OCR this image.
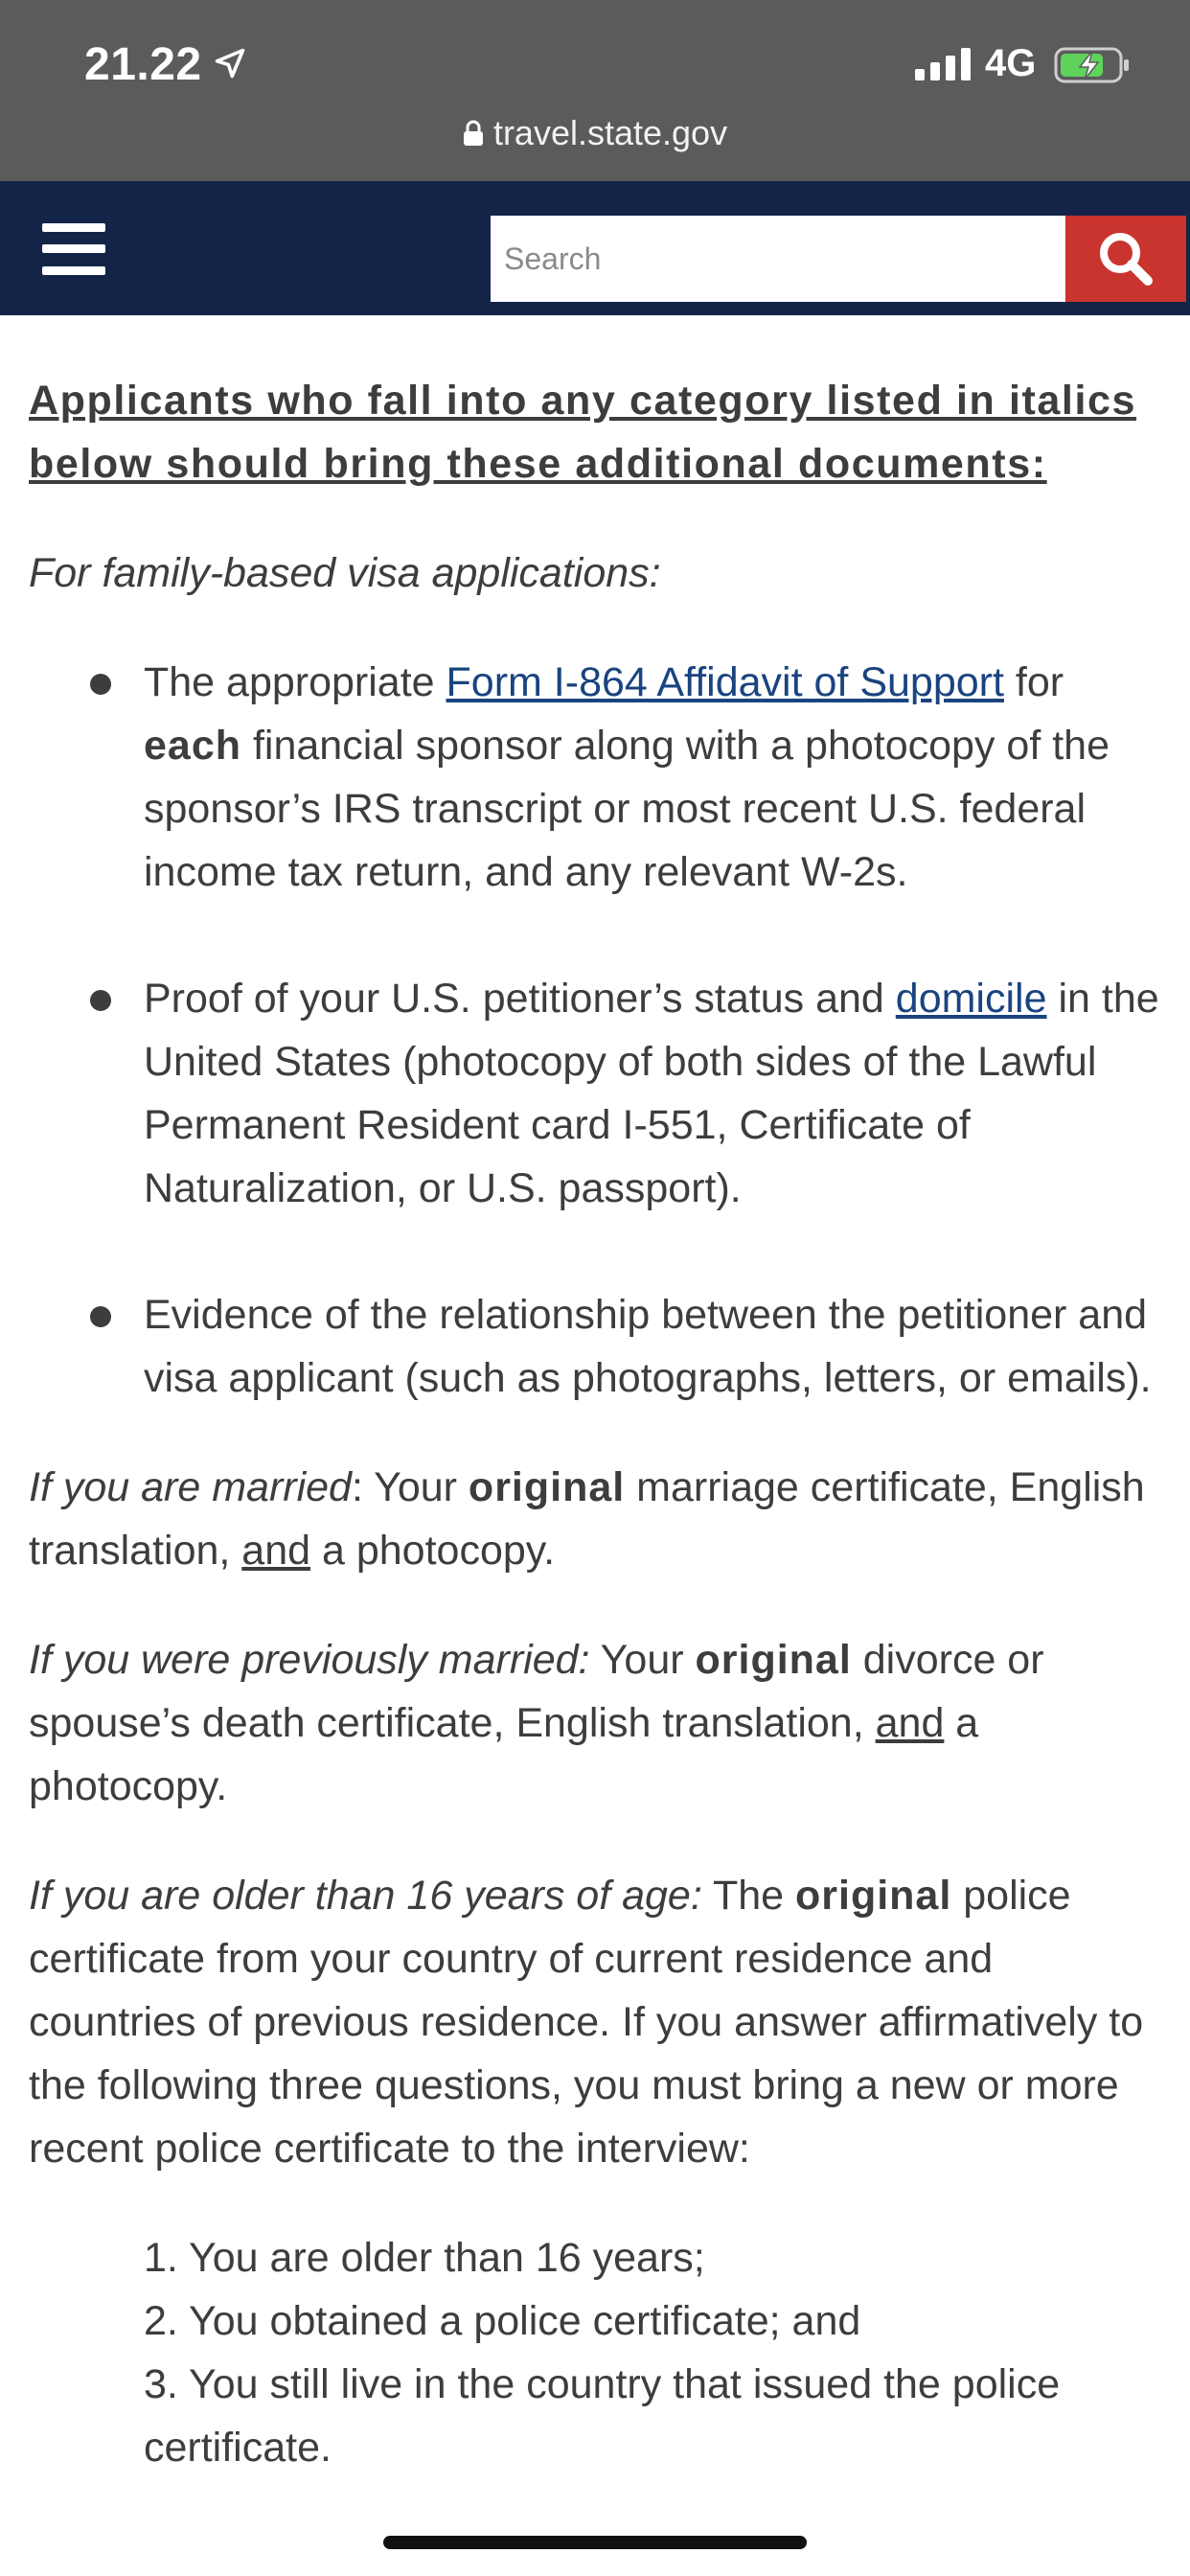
21.22	4G
travel.state.gov
Search

Applicants who fall into any category listed in italics below should bring these additional documents:

For family-based visa applications:

The appropriate Form I-864 Affidavit of Support for each financial sponsor along with a photocopy of the sponsor’s IRS transcript or most recent U.S. federal income tax return, and any relevant W-2s.
Proof of your U.S. petitioner’s status and domicile in the United States (photocopy of both sides of the Lawful Permanent Resident card I-551, Certificate of Naturalization, or U.S. passport).
Evidence of the relationship between the petitioner and visa applicant (such as photographs, letters, or emails).

If you are married: Your original marriage certificate, English translation, and a photocopy.

If you were previously married: Your original divorce or spouse’s death certificate, English translation, and a photocopy.

If you are older than 16 years of age: The original police certificate from your country of current residence and countries of previous residence. If you answer affirmatively to the following three questions, you must bring a new or more recent police certificate to the interview:

1. You are older than 16 years;
2. You obtained a police certificate; and
3. You still live in the country that issued the police certificate.
